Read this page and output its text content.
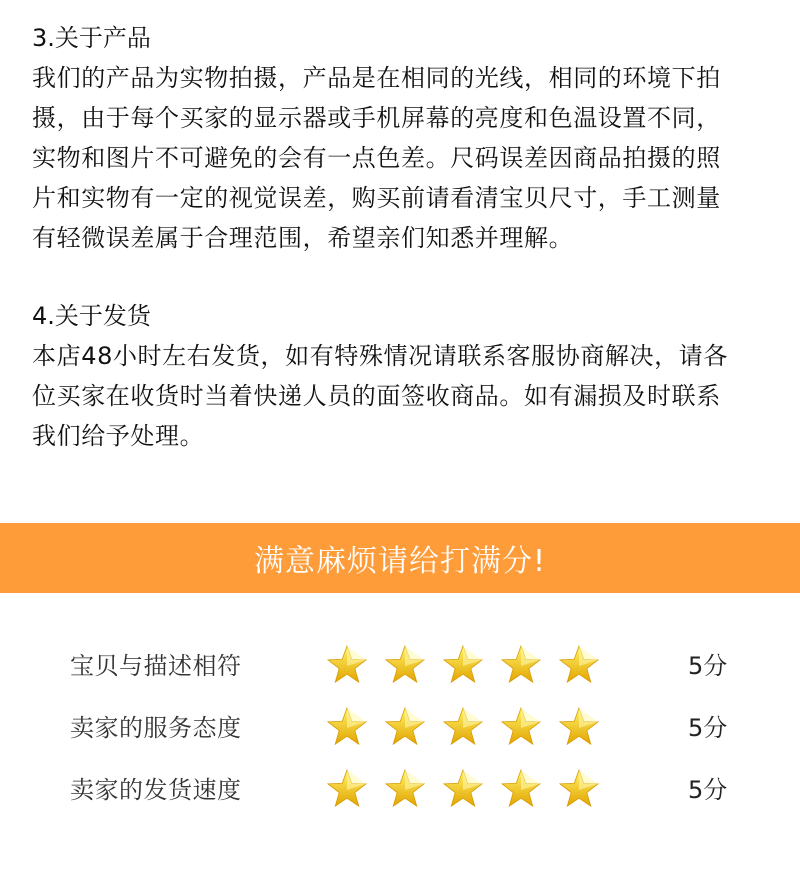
3.关于产品
我们的产品为实物拍摄，产品是在相同的光线，相同的环境下拍
摄，由于每个买家的显示器或手机屏幕的亮度和色温设置不同，
实物和图片不可避免的会有一点色差。尺码误差因商品拍摄的照
片和实物有一定的视觉误差，购买前请看清宝贝尺寸，手工测量
有轻微误差属于合理范围，希望亲们知悉并理解。
4.关于发货
本店48小时左右发货，如有特殊情况请联系客服协商解决，请各
位买家在收货时当着快递人员的面签收商品。如有漏损及时联系
我们给予处理。
满意麻烦请给打满分!
宝贝与描述相符	5分
卖家的服务态度	5分
卖家的发货速度	5分
